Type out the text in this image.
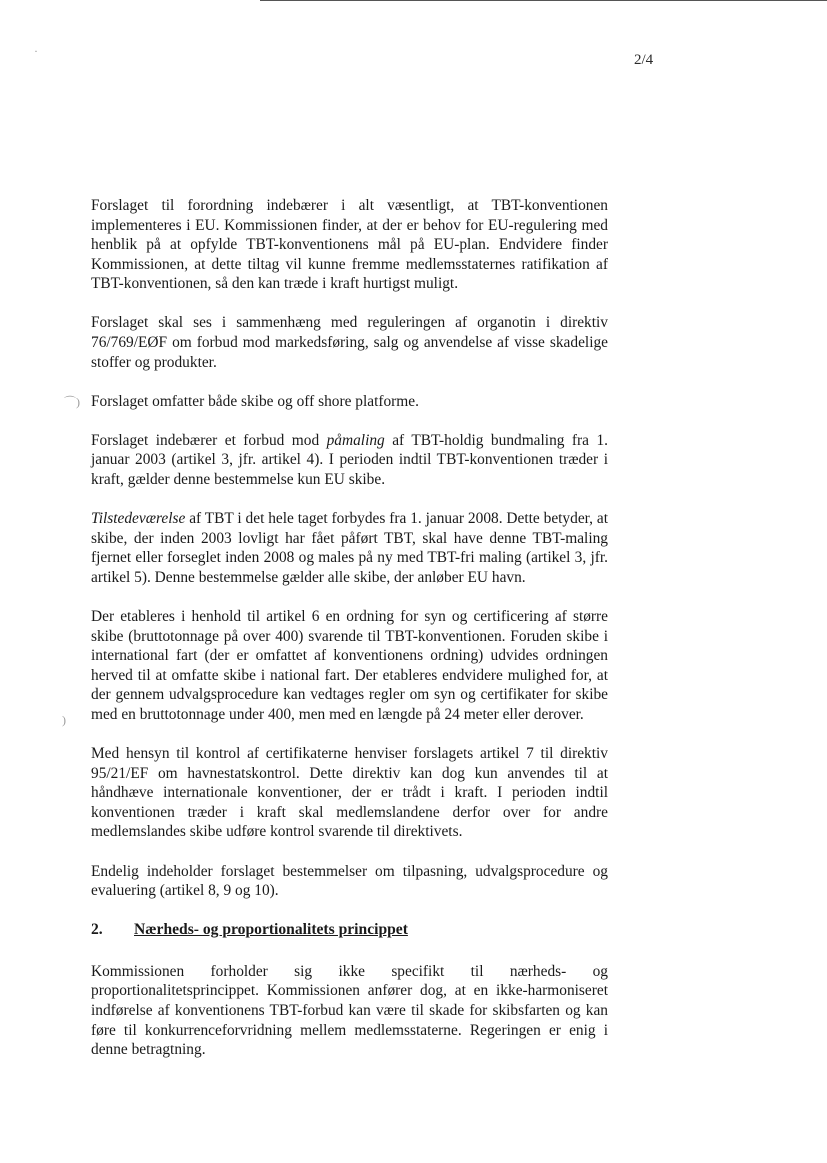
2/4
·
⌒)
)

Forslaget til forordning indebærer i alt væsentligt, at TBT-konventionen implementeres i EU. Kommissionen finder, at der er behov for EU-regulering med henblik på at opfylde TBT-konventionens mål på EU-plan. Endvidere finder Kommissionen, at dette tiltag vil kunne fremme medlemsstaternes ratifikation af TBT-konventionen, så den kan træde i kraft hurtigst muligt.

Forslaget skal ses i sammenhæng med reguleringen af organotin i direktiv 76/769/EØF om forbud mod markedsføring, salg og anvendelse af visse skadelige stoffer og produkter.

Forslaget omfatter både skibe og off shore platforme.

Forslaget indebærer et forbud mod påmaling af TBT-holdig bundmaling fra 1. januar 2003 (artikel 3, jfr. artikel 4). I perioden indtil TBT-konventionen træder i kraft, gælder denne bestemmelse kun EU skibe.

Tilstedeværelse af TBT i det hele taget forbydes fra 1. januar 2008. Dette betyder, at skibe, der inden 2003 lovligt har fået påført TBT, skal have denne TBT-maling fjernet eller forseglet inden 2008 og males på ny med TBT-fri maling (artikel 3, jfr. artikel 5). Denne bestemmelse gælder alle skibe, der anløber EU havn.

Der etableres i henhold til artikel 6 en ordning for syn og certificering af større skibe (bruttotonnage på over 400) svarende til TBT-konventionen. Foruden skibe i international fart (der er omfattet af konventionens ordning) udvides ordningen herved til at omfatte skibe i national fart. Der etableres endvidere mulighed for, at der gennem udvalgsprocedure kan vedtages regler om syn og certifikater for skibe med en bruttotonnage under 400, men med en længde på 24 meter eller derover.

Med hensyn til kontrol af certifikaterne henviser forslagets artikel 7 til direktiv 95/21/EF om havnestatskontrol. Dette direktiv kan dog kun anvendes til at håndhæve internationale konventioner, der er trådt i kraft. I perioden indtil konventionen træder i kraft skal medlemslandene derfor over for andre medlemslandes skibe udføre kontrol svarende til direktivets.

Endelig indeholder forslaget bestemmelser om tilpasning, udvalgsprocedure og evaluering (artikel 8, 9 og 10).

2.	Nærheds- og proportionalitets princippet

Kommissionen forholder sig ikke specifikt til nærheds- og proportionalitetsprincippet. Kommissionen anfører dog, at en ikke-harmoniseret indførelse af konventionens TBT-forbud kan være til skade for skibsfarten og kan føre til konkurrenceforvridning mellem medlemsstaterne. Regeringen er enig i denne betragtning.
